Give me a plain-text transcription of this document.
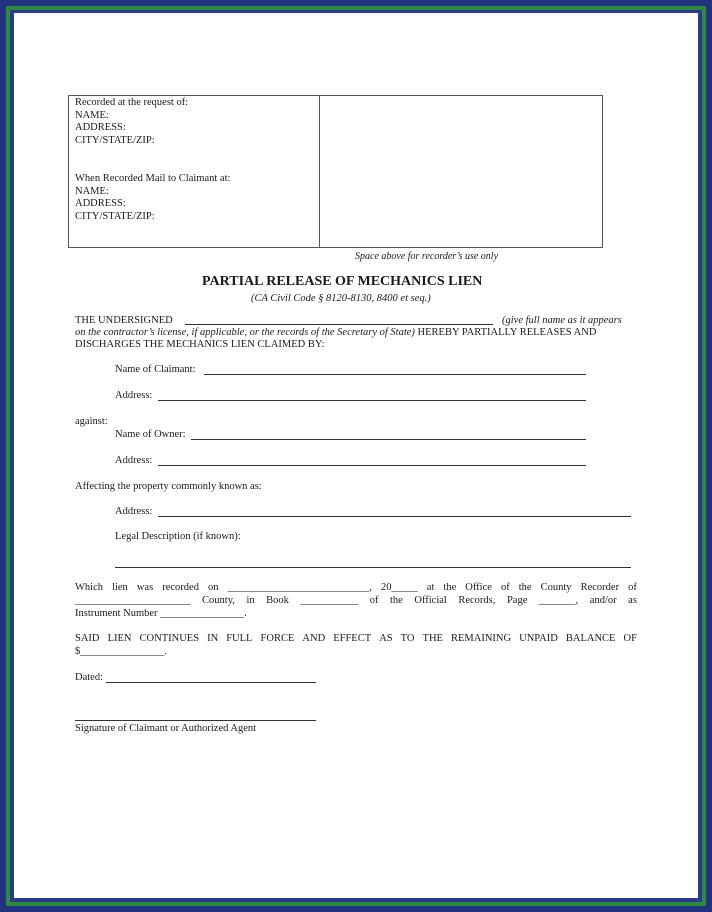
Recorded at the request of:
NAME:
ADDRESS:
CITY/STATE/ZIP:
When Recorded Mail to Claimant at:
NAME:
ADDRESS:
CITY/STATE/ZIP:
Space above for recorder’s use only
PARTIAL RELEASE OF MECHANICS LIEN
(CA Civil Code § 8120-8130, 8400 et seq.)
THE UNDERSIGNED	(give full name as it appears
on the contractor’s license, if applicable, or the records of the Secretary of State) HEREBY PARTIALLY RELEASES AND
DISCHARGES THE MECHANICS LIEN CLAIMED BY:
Name of Claimant:
Address:
against:
Name of Owner:
Address:
Affecting the property commonly known as:
Address:
Legal Description (if known):
Which lien was recorded on ___________________________, 20_____ at the Office of the County Recorder of
______________________ County, in Book ___________ of the Official Records, Page _______, and/or as
Instrument Number ________________.
SAID LIEN CONTINUES IN FULL FORCE AND EFFECT AS TO THE REMAINING UNPAID BALANCE OF
$________________.
Dated:
Signature of Claimant or Authorized Agent
